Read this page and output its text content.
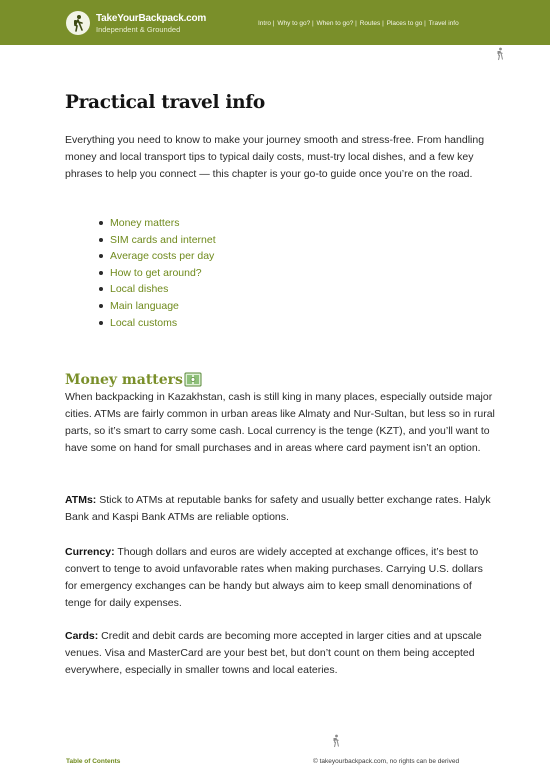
TakeYourBackpack.com
Independent & Grounded
Intro | Why to go? | When to go? | Routes | Places to go | Travel info
Practical travel info

Everything you need to know to make your journey smooth and stress-free. From handling money and local transport tips to typical daily costs, must-try local dishes, and a few key phrases to help you connect — this chapter is your go-to guide once you’re on the road.

Money matters
SIM cards and internet
Average costs per day
How to get around?
Local dishes
Main language
Local customs
Money matters

When backpacking in Kazakhstan, cash is still king in many places, especially outside major cities. ATMs are fairly common in urban areas like Almaty and Nur-Sultan, but less so in rural parts, so it’s smart to carry some cash. Local currency is the tenge (KZT), and you’ll want to have some on hand for small purchases and in areas where card payment isn’t an option.

ATMs: Stick to ATMs at reputable banks for safety and usually better exchange rates. Halyk Bank and Kaspi Bank ATMs are reliable options.

Currency: Though dollars and euros are widely accepted at exchange offices, it’s best to convert to tenge to avoid unfavorable rates when making purchases. Carrying U.S. dollars for emergency exchanges can be handy but always aim to keep small denominations of tenge for daily expenses.

Cards: Credit and debit cards are becoming more accepted in larger cities and at upscale venues. Visa and MasterCard are your best bet, but don’t count on them being accepted everywhere, especially in smaller towns and local eateries.

Table of Contents	© takeyourbackpack.com, no rights can be derived
